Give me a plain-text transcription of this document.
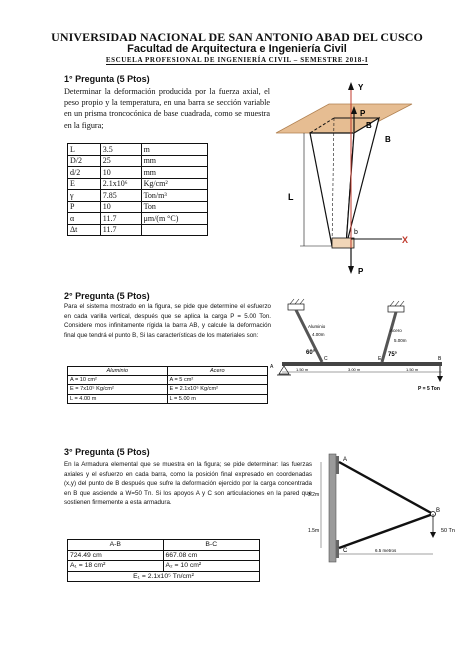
UNIVERSIDAD NACIONAL DE SAN ANTONIO ABAD DEL CUSCO
Facultad de Arquitectura e Ingeniería Civil
ESCUELA PROFESIONAL DE INGENIERÍA CIVIL – SEMESTRE 2018-I
1° Pregunta (5 Ptos)
Determinar la deformación producida por la fuerza axial, el peso propio y la temperatura, en una barra se sección variable en un prisma troncocónica de base cuadrada, como se muestra en la figura;
L	3.5	m
D/2	25	mm
d/2	10	mm
E	2.1x10⁶	Kg/cm²
γ	7.85	Ton/m³
P	10	Ton
α	11.7	μm/(m °C)
Δt	11.7	
Y
P
X
P
B
B
b
L
2° Pregunta (5 Ptos)
Para el sistema mostrado en la figura, se pide que determine el esfuerzo en cada varilla vertical, después que se aplica la carga P = 5.00 Ton. Considere mos infinitamente rígida la barra AB, y calcule la deformación final que tendrá el punto B, Si las características de los materiales son:
Aluminio	Acero
A = 10 cm²	A = 5 cm²
E = 7x10⁵ Kg/cm²	E = 2.1x10⁶ Kg/cm²
L = 4.00 m	L = 5.00 m
Aluminio
4.00m
Acero
5.00m
60°	75°
A
C	E	B
1.50 m	3.00 m	1.50 m
P = 5 Ton
3° Pregunta (5 Ptos)
En la Armadura elemental que se muestra en la figura; se pide determinar: las fuerzas axiales y el esfuerzo en cada barra, como la posición final expresado en coordenadas (x,y) del punto de B después que sufre la deformación ejercido por la carga concentrada en B que asciende a W=50 Tn. Si los apoyos A y C son articulaciones en la pared que sostienen firmemente a esta armadura.
A-B	B-C
724.49 cm	667.08 cm
A₁ = 18 cm²	A₂ = 10 cm²
E₁ = 2.1x10⁵ Tn/cm²	
A
B
C
3.2m
1.5m
6.5 metros
50 Tn
